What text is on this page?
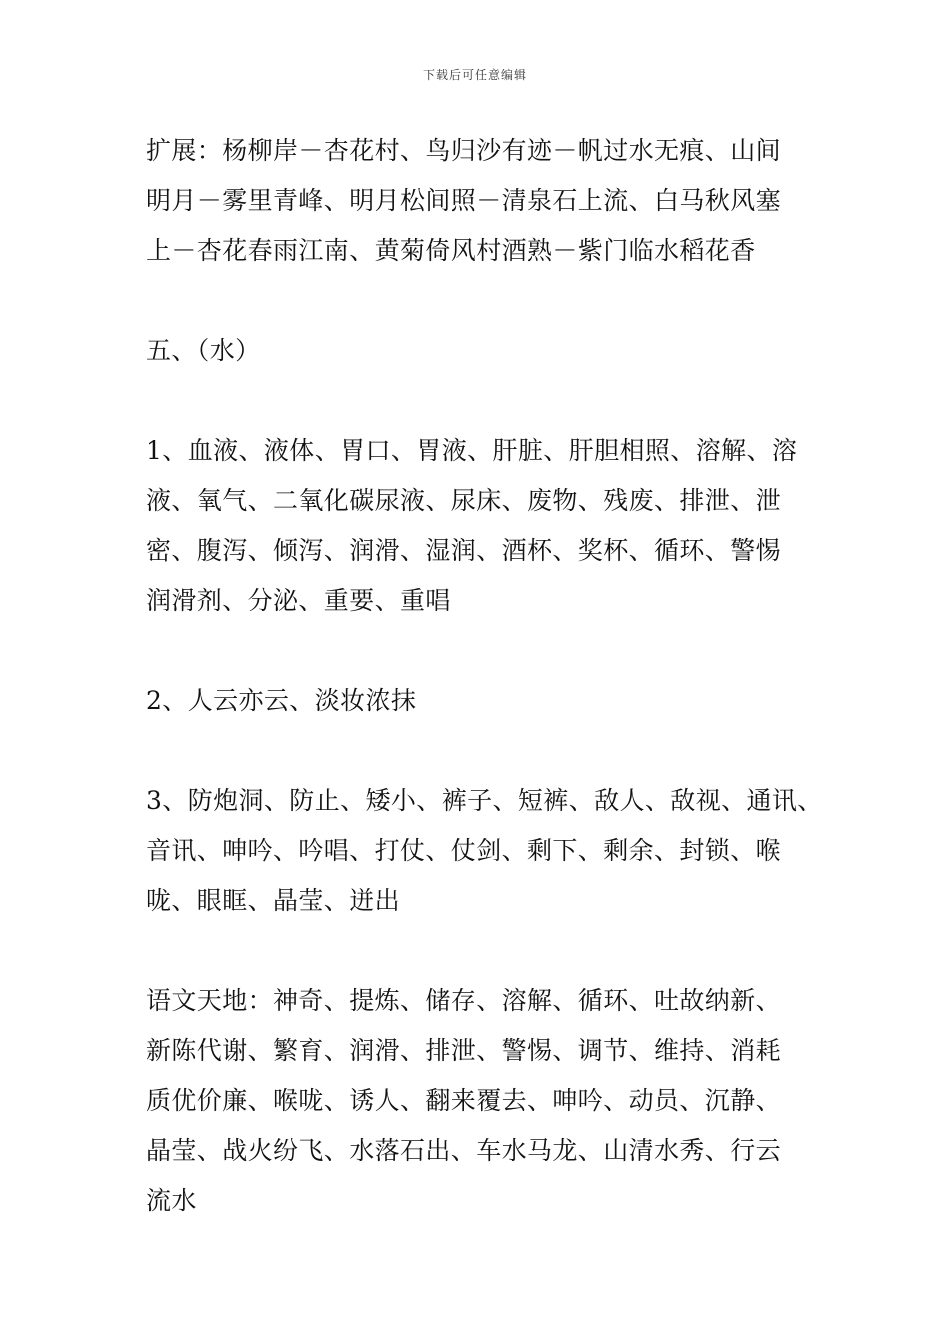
下载后可任意编辑
扩展：杨柳岸－杏花村、鸟归沙有迹－帆过水无痕、山间
明月－雾里青峰、明月松间照－清泉石上流、白马秋风塞
上－杏花春雨江南、黄菊倚风村酒熟－紫门临水稻花香
五、（水）
1、血液、液体、胃口、胃液、肝脏、肝胆相照、溶解、溶
液、氧气、二氧化碳尿液、尿床、废物、残废、排泄、泄
密、腹泻、倾泻、润滑、湿润、酒杯、奖杯、循环、警惕
润滑剂、分泌、重要、重唱
2、人云亦云、淡妆浓抹
3、防炮洞、防止、矮小、裤子、短裤、敌人、敌视、通讯、
音讯、呻吟、吟唱、打仗、仗剑、剩下、剩余、封锁、喉
咙、眼眶、晶莹、迸出
语文天地：神奇、提炼、储存、溶解、循环、吐故纳新、
新陈代谢、繁育、润滑、排泄、警惕、调节、维持、消耗
质优价廉、喉咙、诱人、翻来覆去、呻吟、动员、沉静、
晶莹、战火纷飞、水落石出、车水马龙、山清水秀、行云
流水
